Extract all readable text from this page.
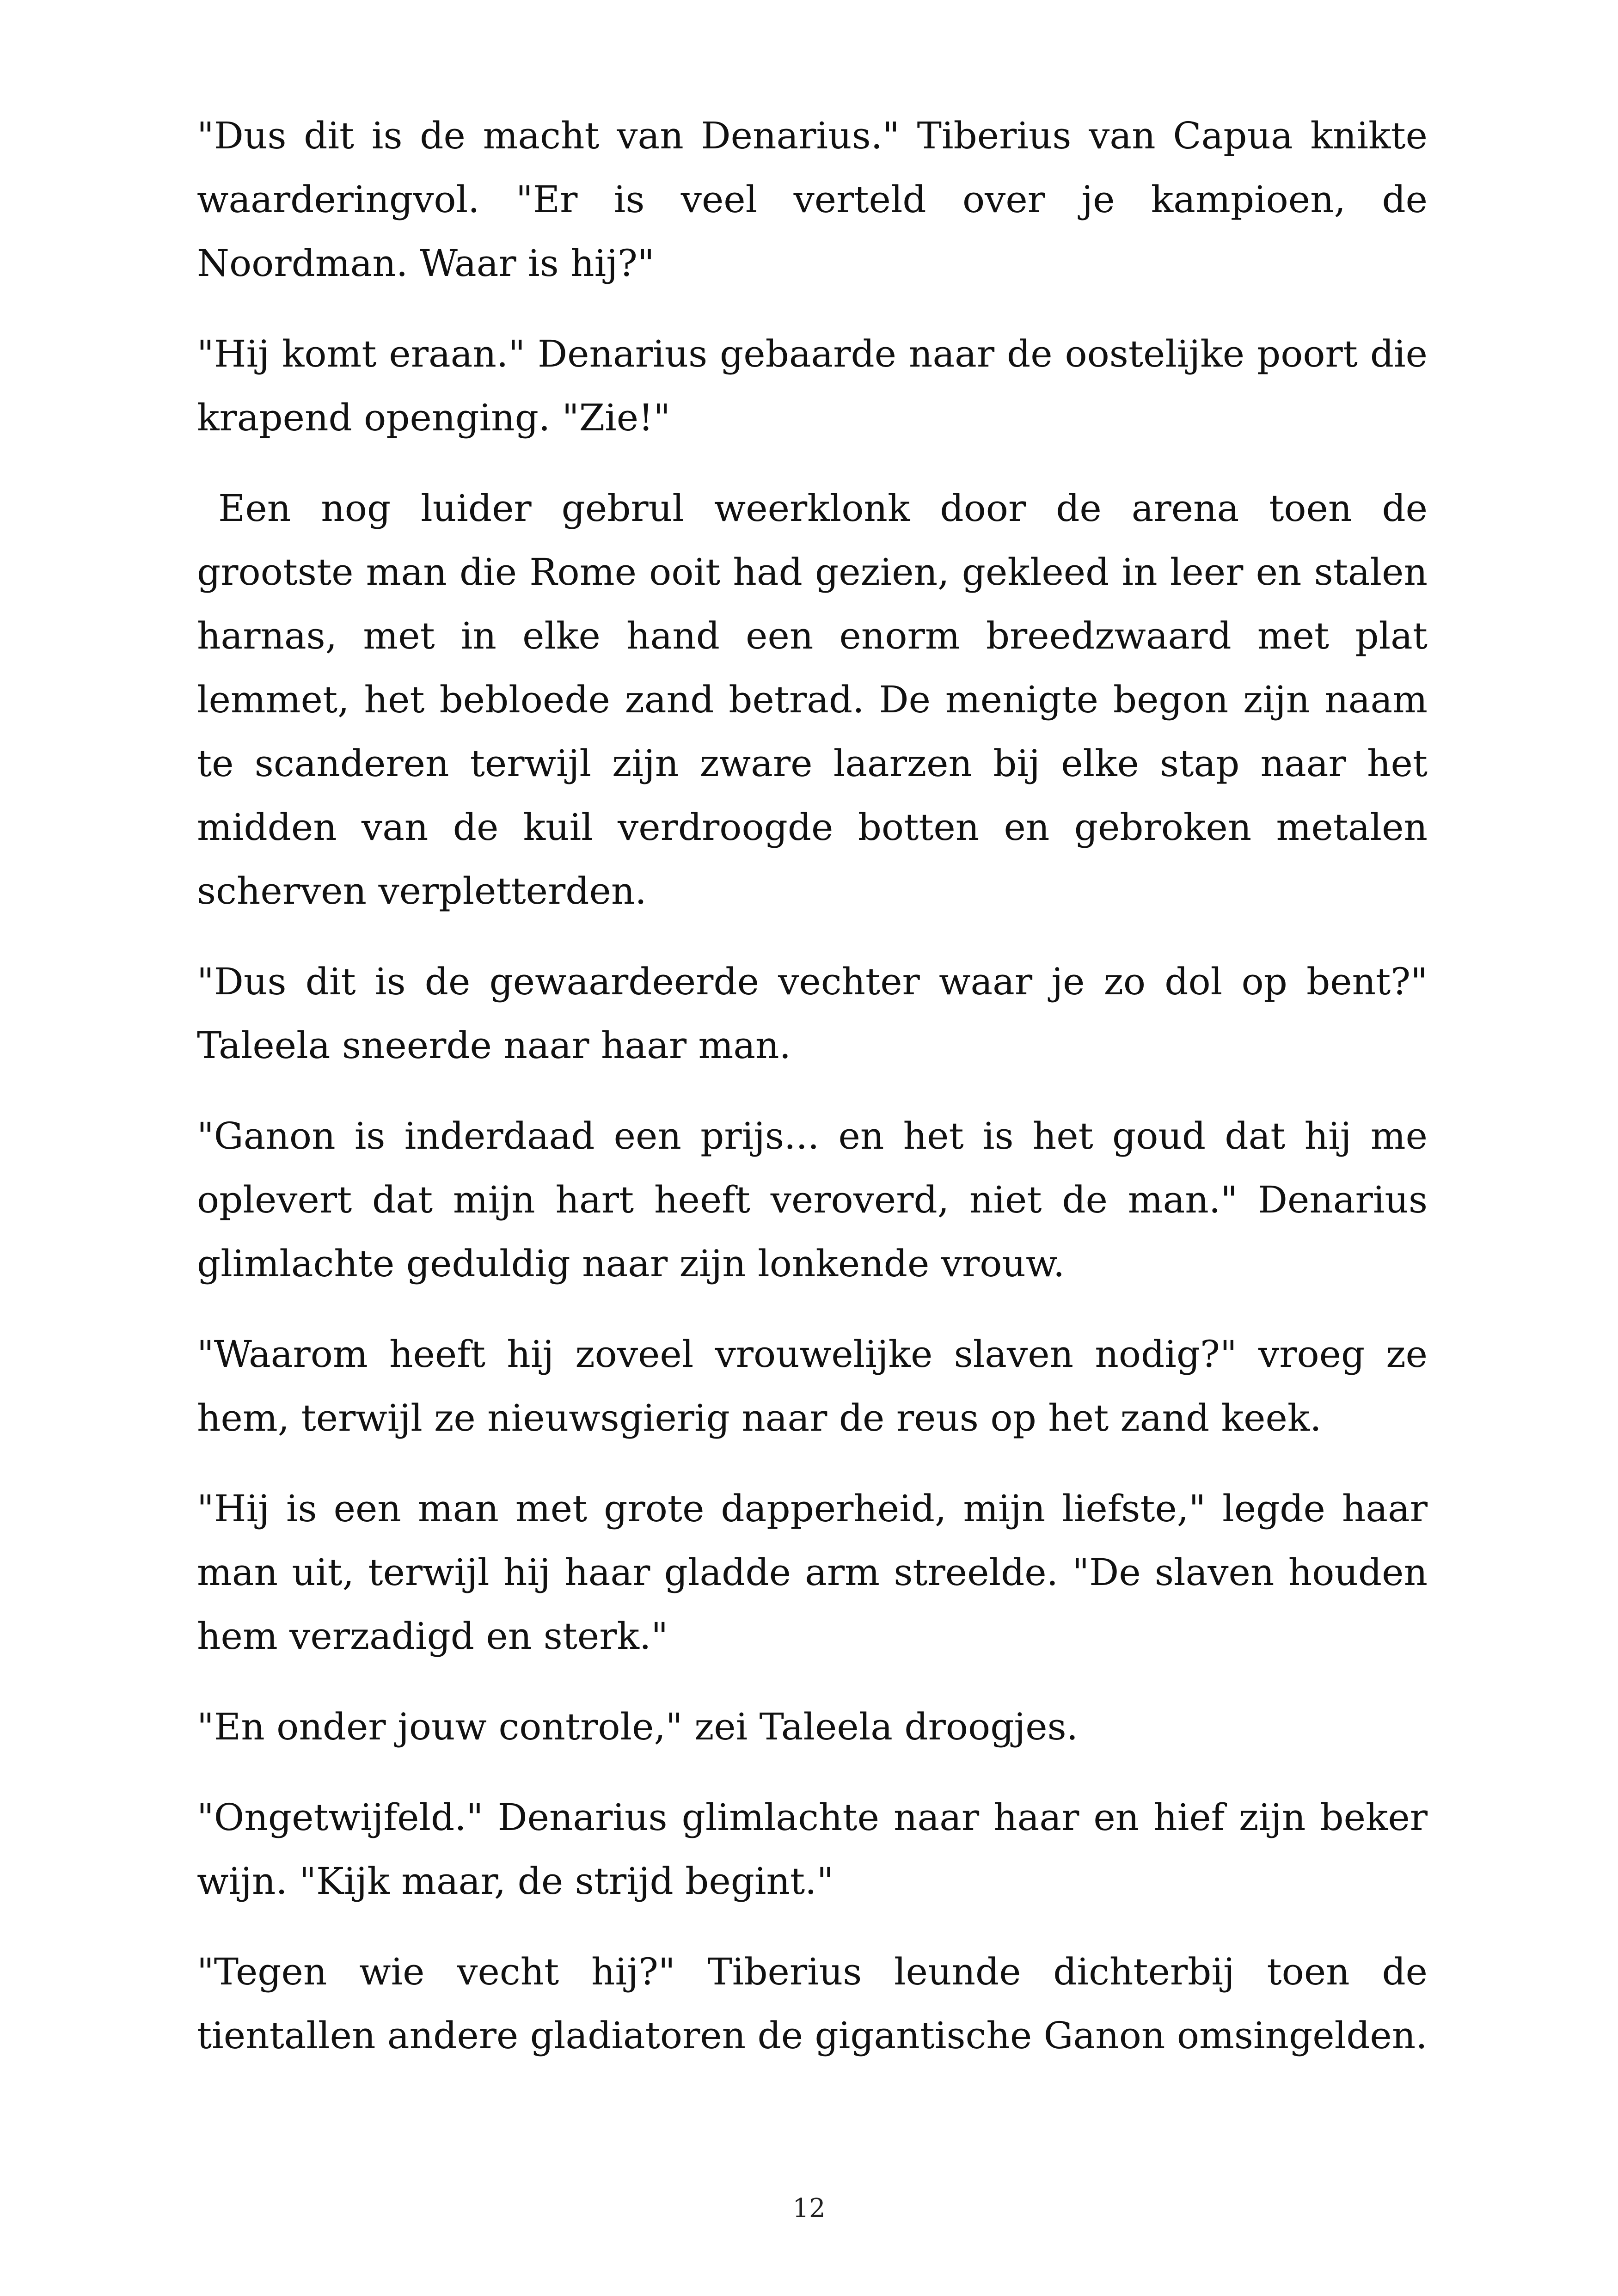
"Dus dit is de macht van Denarius." Tiberius van Capua knikte waarderingvol. "Er is veel verteld over je kampioen, de Noordman. Waar is hij?"

"Hij komt eraan." Denarius gebaarde naar de oostelijke poort die krapend openging. "Zie!"

Een nog luider gebrul weerklonk door de arena toen de grootste man die Rome ooit had gezien, gekleed in leer en stalen harnas, met in elke hand een enorm breedzwaard met plat lemmet, het bebloede zand betrad. De menigte begon zijn naam te scanderen terwijl zijn zware laarzen bij elke stap naar het midden van de kuil verdroogde botten en gebroken metalen scherven verpletterden.

"Dus dit is de gewaardeerde vechter waar je zo dol op bent?" Taleela sneerde naar haar man.

"Ganon is inderdaad een prijs... en het is het goud dat hij me oplevert dat mijn hart heeft veroverd, niet de man." Denarius glimlachte geduldig naar zijn lonkende vrouw.

"Waarom heeft hij zoveel vrouwelijke slaven nodig?" vroeg ze hem, terwijl ze nieuwsgierig naar de reus op het zand keek.

"Hij is een man met grote dapperheid, mijn liefste," legde haar man uit, terwijl hij haar gladde arm streelde. "De slaven houden hem verzadigd en sterk."

"En onder jouw controle," zei Taleela droogjes.

"Ongetwijfeld." Denarius glimlachte naar haar en hief zijn beker wijn. "Kijk maar, de strijd begint."

"Tegen wie vecht hij?" Tiberius leunde dichterbij toen de tientallen andere gladiatoren de gigantische Ganon omsingelden.

12
